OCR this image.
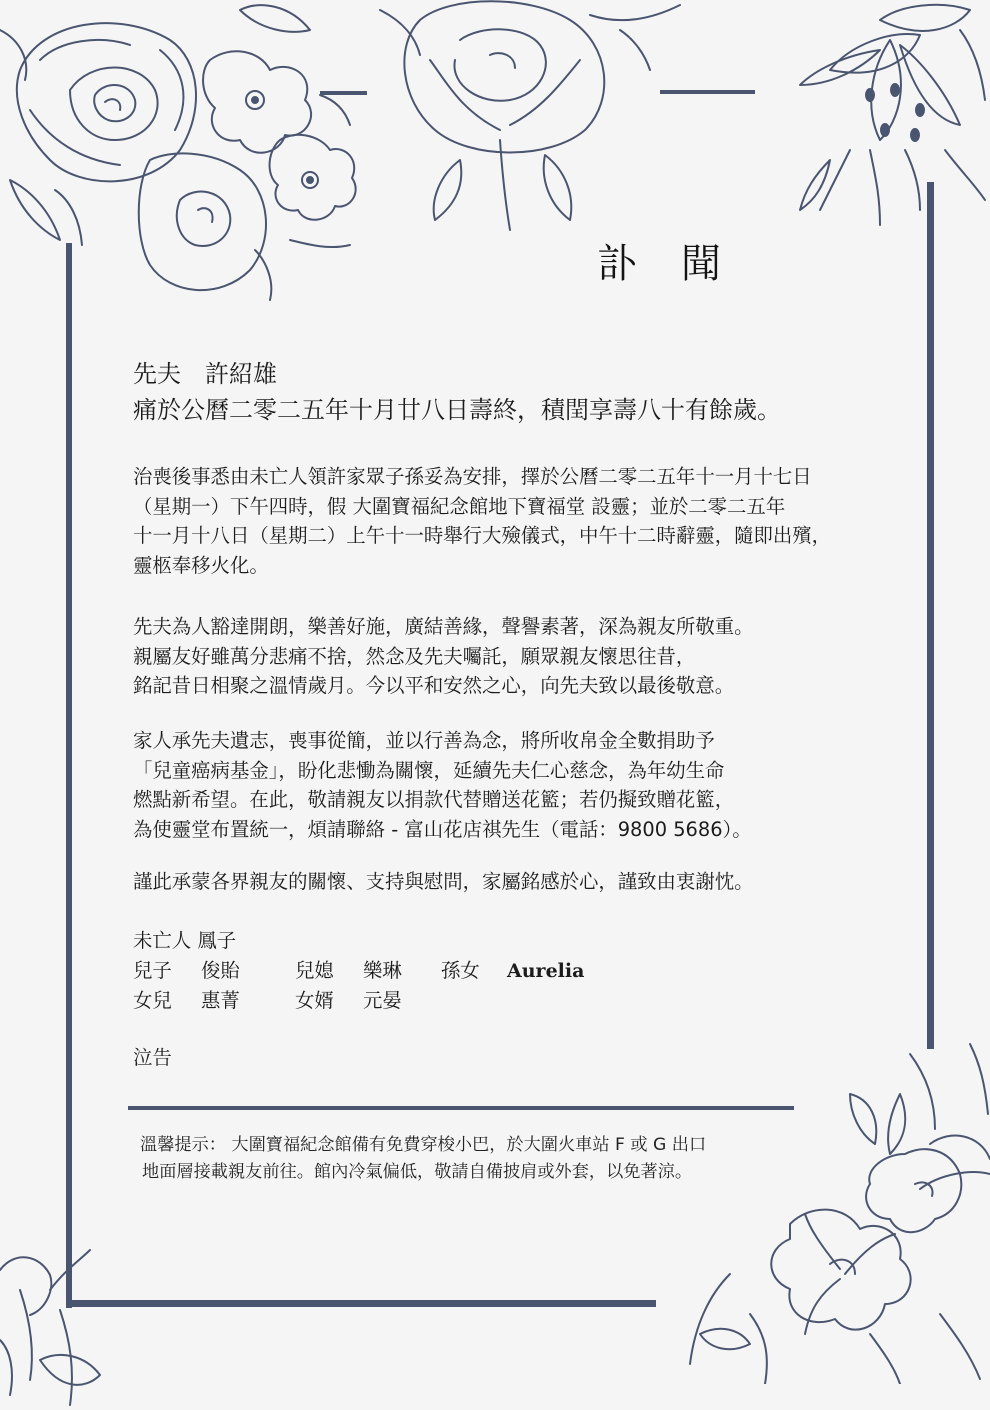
訃聞
先夫　許紹雄
痛於公曆二零二五年十月廿八日壽終，積閏享壽八十有餘歲。
治喪後事悉由未亡人領許家眾子孫妥為安排，擇於公曆二零二五年十一月十七日
（星期一）下午四時，假 大圍寶福紀念館地下寶福堂 設靈；並於二零二五年
十一月十八日（星期二）上午十一時舉行大殮儀式，中午十二時辭靈，隨即出殯，
靈柩奉移火化。
先夫為人豁達開朗，樂善好施，廣結善緣，聲譽素著，深為親友所敬重。
親屬友好雖萬分悲痛不捨，然念及先夫囑託，願眾親友懷思往昔，
銘記昔日相聚之溫情歲月。今以平和安然之心，向先夫致以最後敬意。
家人承先夫遺志，喪事從簡，並以行善為念，將所收帛金全數捐助予
「兒童癌病基金」，盼化悲慟為關懷，延續先夫仁心慈念，為年幼生命
燃點新希望。在此，敬請親友以捐款代替贈送花籃；若仍擬致贈花籃，
為使靈堂布置統一，煩請聯絡 - 富山花店祺先生（電話：9800 5686）。
謹此承蒙各界親友的關懷、支持與慰問，家屬銘感於心，謹致由衷謝忱。
未亡人 鳳子
兒子	俊貽	兒媳	樂琳	孫女	Aurelia
女兒	惠菁	女婿	元晏
泣告
溫馨提示： 大圍寶福紀念館備有免費穿梭小巴，於大圍火車站 F 或 G 出口
地面層接載親友前往。館內冷氣偏低，敬請自備披肩或外套，以免著涼。
